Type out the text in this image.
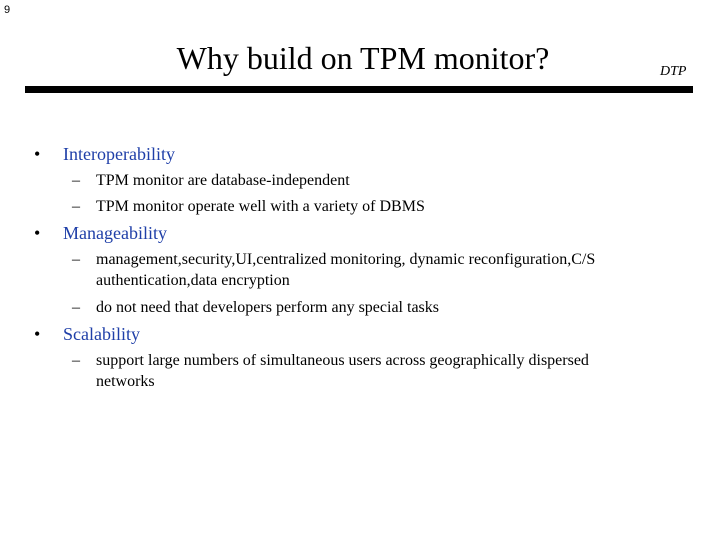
9
Why build on TPM monitor?	DTP
• Interoperability
– TPM monitor are database-independent
– TPM monitor operate well with a variety of DBMS
• Manageability
– management,security,UI,centralized monitoring, dynamic reconfiguration,C/S
authentication,data encryption
– do not need that developers perform any special tasks
• Scalability
– support large numbers of simultaneous users across geographically dispersed
networks
